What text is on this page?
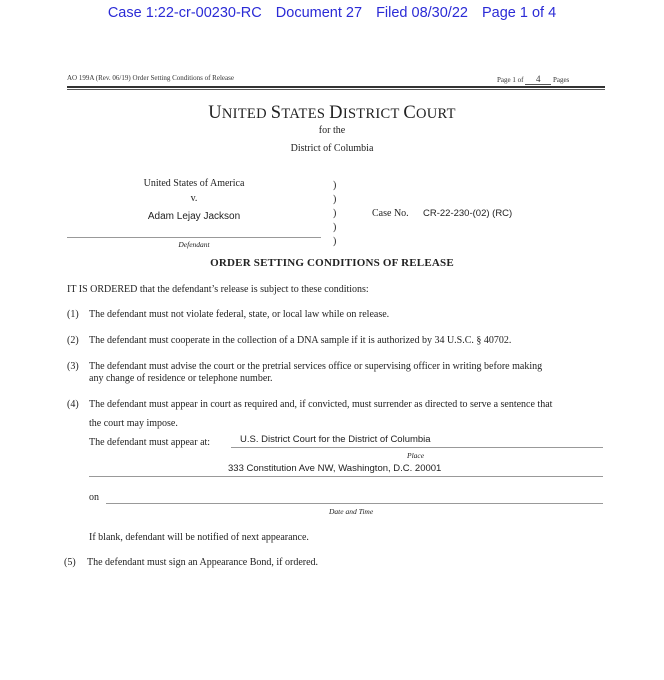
Case 1:22-cr-00230-RC Document 27 Filed 08/30/22 Page 1 of 4
AO 199A (Rev. 06/19) Order Setting Conditions of Release	Page 1 of 4 Pages
UNITED STATES DISTRICT COURT
for the
District of Columbia
United States of America
v.
Adam Lejay Jackson
Defendant
)
)
)
)
)
Case No. CR-22-230-(02) (RC)
ORDER SETTING CONDITIONS OF RELEASE
IT IS ORDERED that the defendant’s release is subject to these conditions:
(1) The defendant must not violate federal, state, or local law while on release.
(2) The defendant must cooperate in the collection of a DNA sample if it is authorized by 34 U.S.C. § 40702.
(3) The defendant must advise the court or the pretrial services office or supervising officer in writing before making
any change of residence or telephone number.
(4) The defendant must appear in court as required and, if convicted, must surrender as directed to serve a sentence that
the court may impose.
The defendant must appear at:	U.S. District Court for the District of Columbia
Place
333 Constitution Ave NW, Washington, D.C. 20001
on
Date and Time
If blank, defendant will be notified of next appearance.
(5) The defendant must sign an Appearance Bond, if ordered.
